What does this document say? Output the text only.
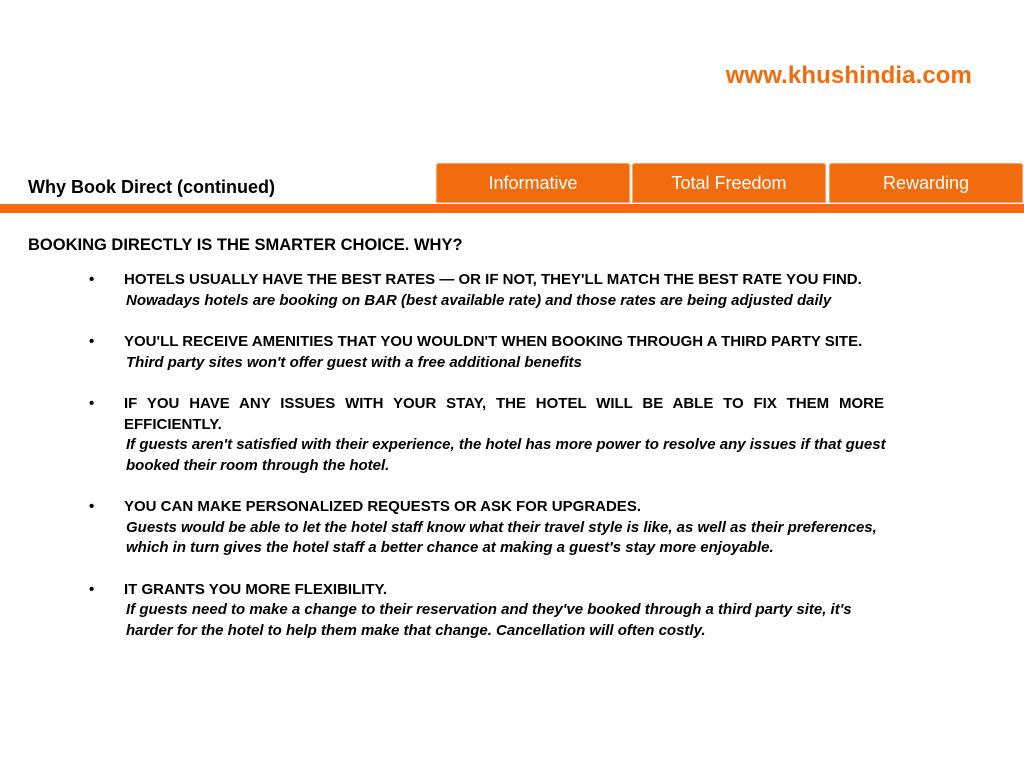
www.khushindia.com
Why Book Direct (continued)	Informative	Total Freedom	Rewarding
BOOKING DIRECTLY IS THE SMARTER CHOICE. WHY?
• HOTELS USUALLY HAVE THE BEST RATES — OR IF NOT, THEY'LL MATCH THE BEST RATE YOU FIND.
Nowadays hotels are booking on BAR (best available rate) and those rates are being adjusted daily
• YOU'LL RECEIVE AMENITIES THAT YOU WOULDN'T WHEN BOOKING THROUGH A THIRD PARTY SITE.
Third party sites won't offer guest with a free additional benefits
• IF YOU HAVE ANY ISSUES WITH YOUR STAY, THE HOTEL WILL BE ABLE TO FIX THEM MORE EFFICIENTLY.
If guests aren't satisfied with their experience, the hotel has more power to resolve any issues if that guest booked their room through the hotel.
• YOU CAN MAKE PERSONALIZED REQUESTS OR ASK FOR UPGRADES.
Guests would be able to let the hotel staff know what their travel style is like, as well as their preferences, which in turn gives the hotel staff a better chance at making a guest's stay more enjoyable.
• IT GRANTS YOU MORE FLEXIBILITY.
If guests need to make a change to their reservation and they've booked through a third party site, it's harder for the hotel to help them make that change. Cancellation will often costly.
